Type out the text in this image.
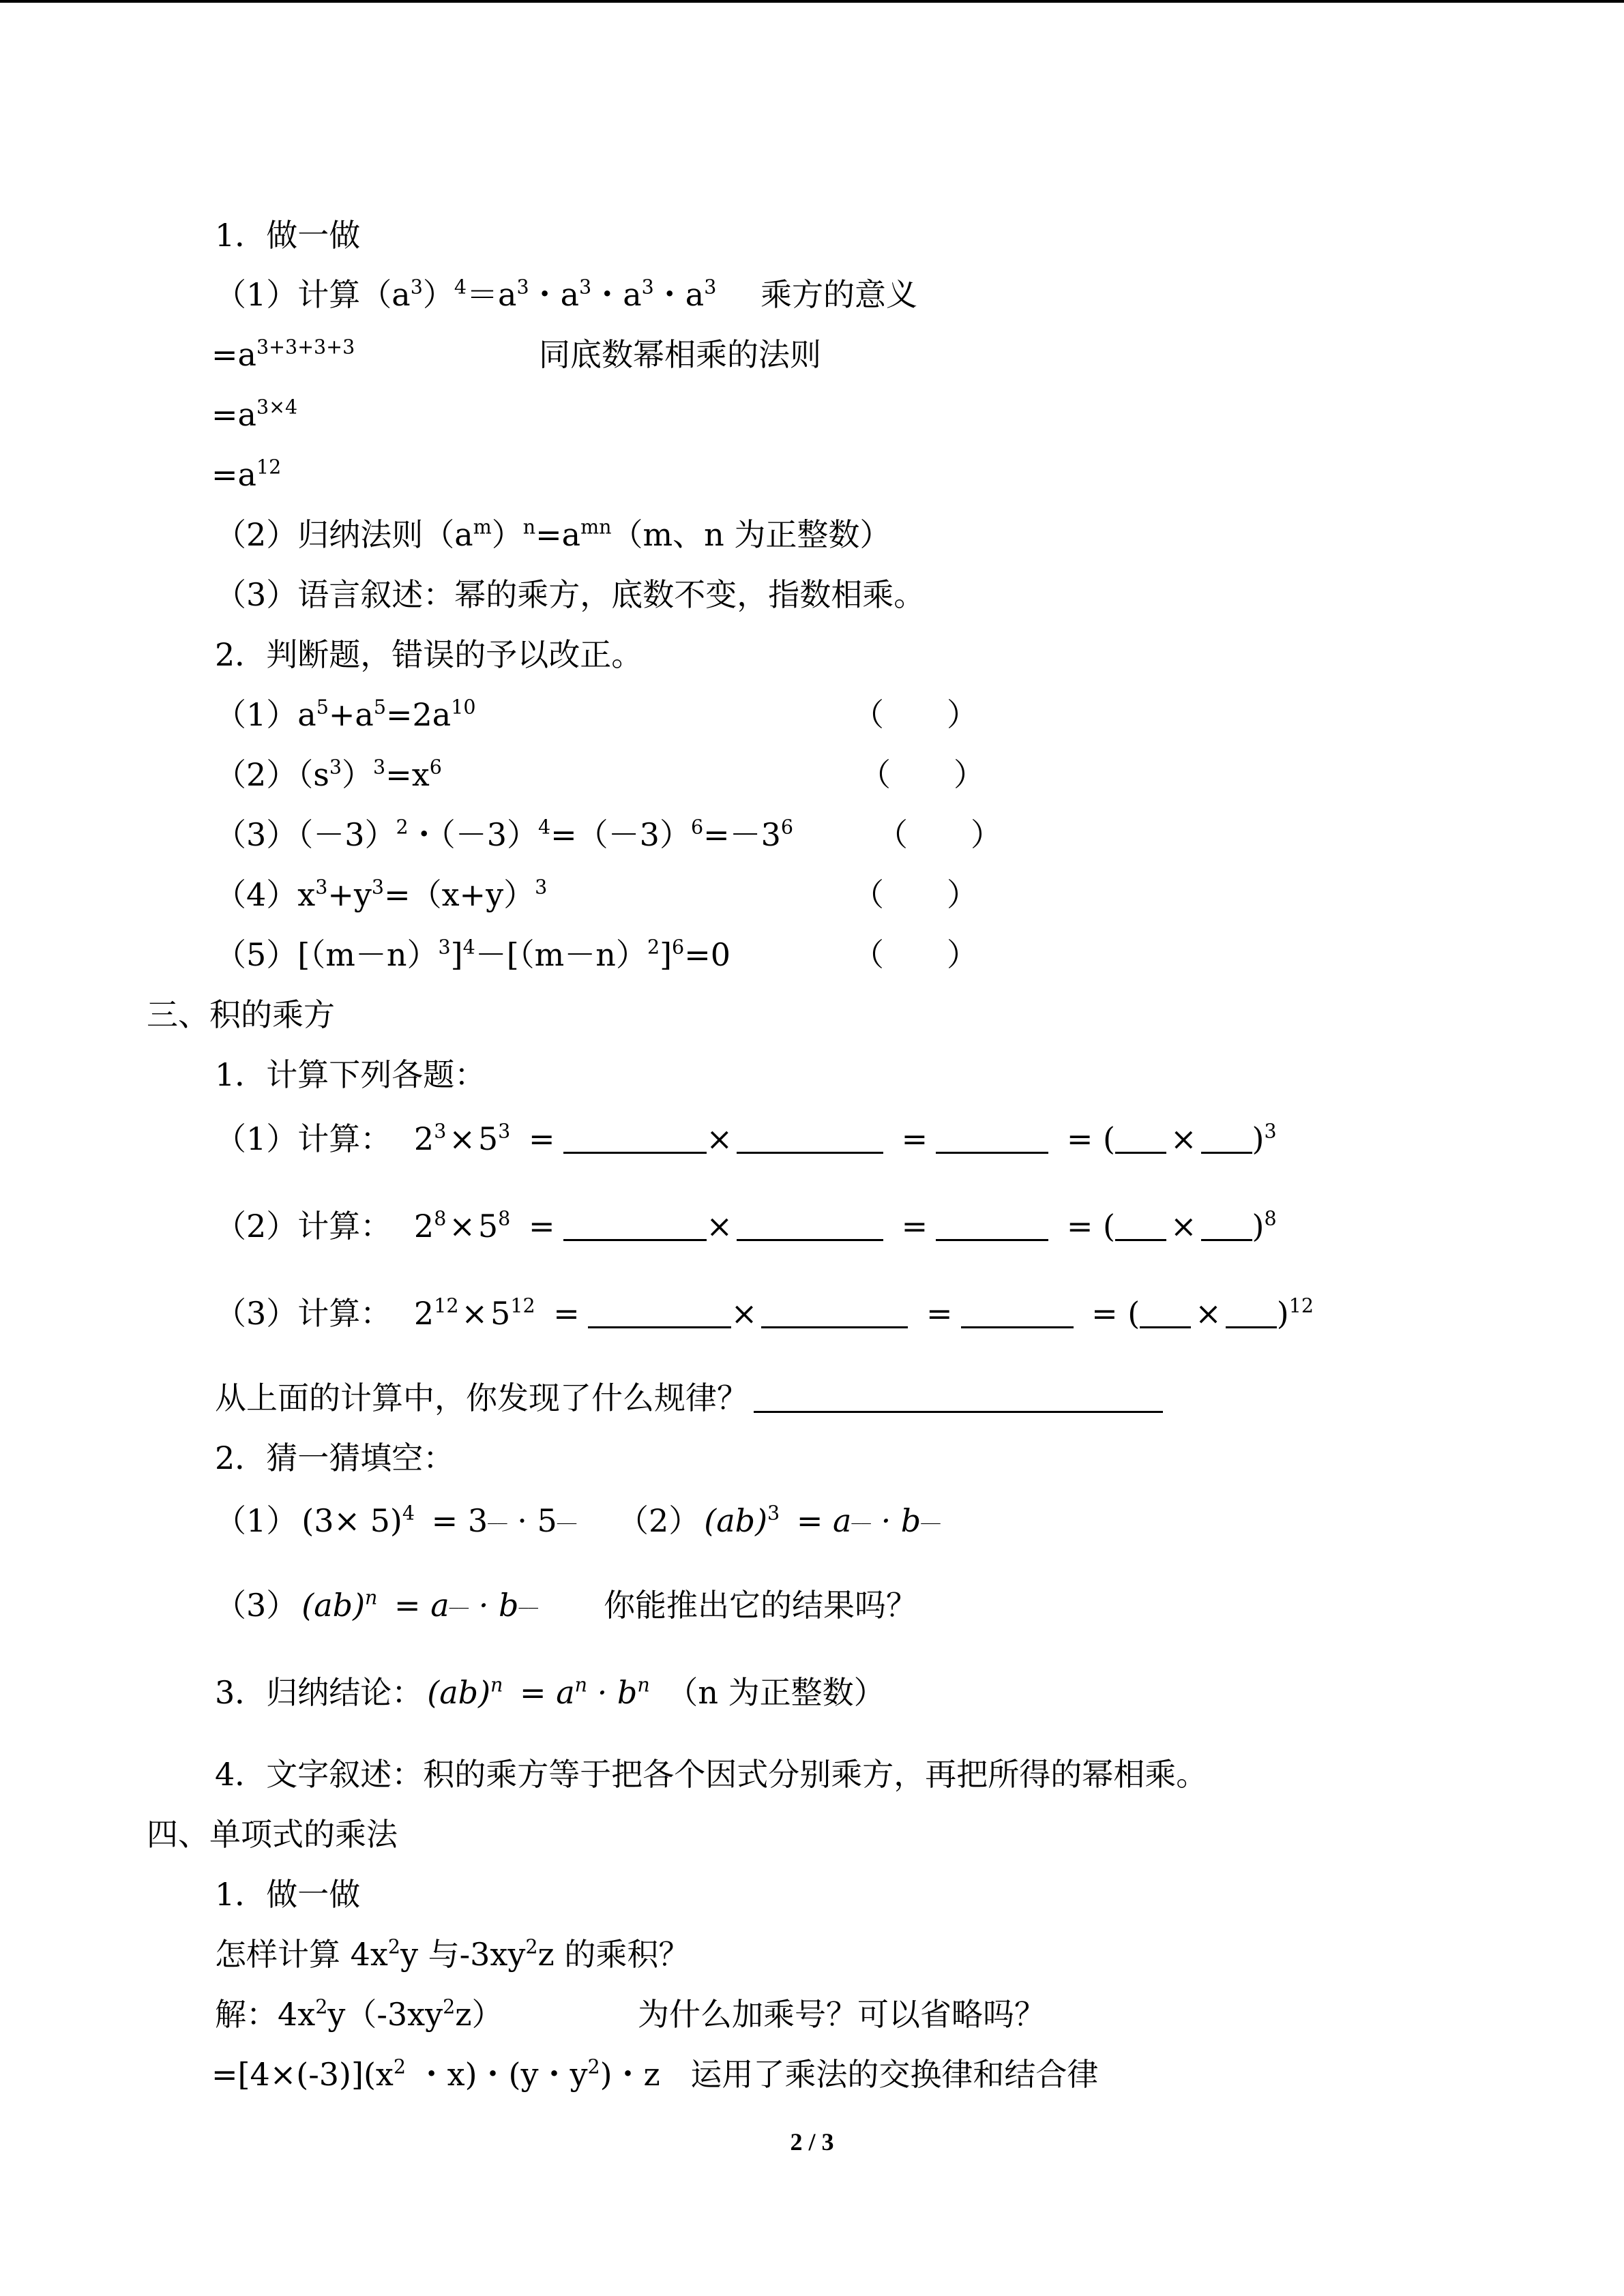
1．做一做
（1）计算$(a^3)^4=a^3$・$a^3$・$a^3$・$a^3$ 乘方的意义
$=a^{3+3+3+3}$	同底数幂相乘的法则
$=a^{3\times 4}$
$=a^{12}$
（2）归纳法则$(a^m)^n=a^{mn}(m$、n 为正整数）
（3）语言叙述：幂的乘方，底数不变，指数相乘。
2．判断题，错误的予以改正。
$(1)a^5+a^5=2a^{10}$	（　　）
$(2)(s^3)^3=x^6$	（　　）
$(3)(-3)^2$・$(-3)^4=(-3)^6=-3^6$	（　　）
$(4)x^3+y^3=(x+y)^3$	（　　）
$(5)[(m-n)^3]^4-[(m-n)^2]^6=0$	（　　）
三、积的乘方
1．计算下列各题：
（1）计算： $2^3\times 5^3$ =	×	=	= ( × )$^3$
（2）计算： $2^8\times 5^8$ =	×	=	= ( × )$^8$
（3）计算： $2^{12}\times 5^{12}$ =	×	=	= ( × )$^{12}$
从上面的计算中，你发现了什么规律？
2．猜一猜填空：
（1） $(3\times 5)^4$ = 3__ · 5__ （2） (ab)$^3$ = a__ · b__
（3） (ab)$^n$ = a__ · b__ 你能推出它的结果吗？
3．归纳结论： $(ab)^n = a^n \cdot b^n$ （n 为正整数）
4．文字叙述：积的乘方等于把各个因式分别乘方，再把所得的幂相乘。
四、单项式的乘法
1．做一做
怎样计算 $4x^2y$ 与$-3xy^2z$ 的乘积？
解：$4x^2y(-3xy^2z)$	为什么加乘号？可以省略吗？
$=[4\times(-3)](x^2$ ・x)・(y・$y^2$)・z 运用了乘法的交换律和结合律
2 / 3
